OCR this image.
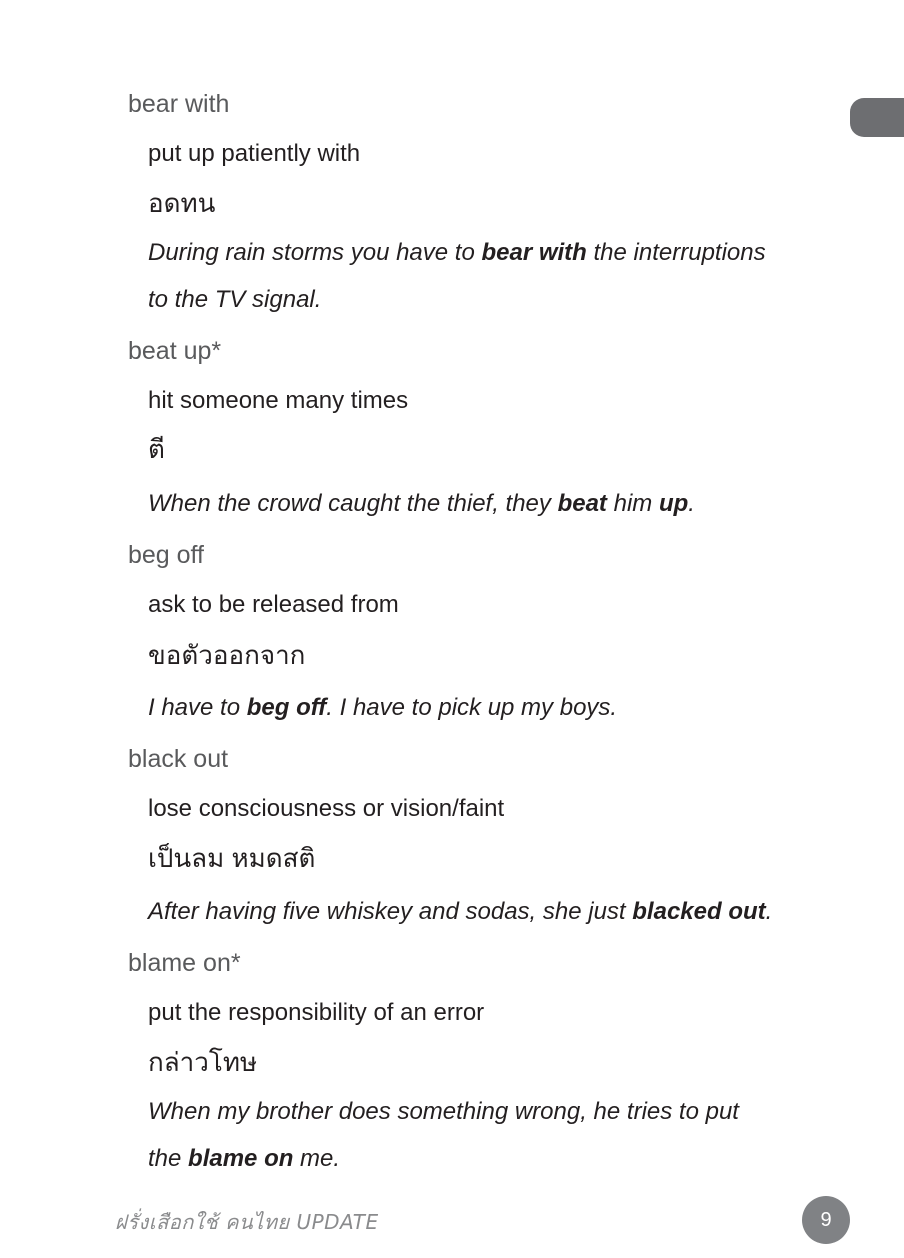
bear with
put up patiently with
อดทน
During rain storms you have to bear with the interruptions
to the TV signal.
beat up*
hit someone many times
ตี
When the crowd caught the thief, they beat him up.
beg off
ask to be released from
ขอตัวออกจาก
I have to beg off. I have to pick up my boys.
black out
lose consciousness or vision/faint
เป็นลม หมดสติ
After having five whiskey and sodas, she just blacked out.
blame on*
put the responsibility of an error
กล่าวโทษ
When my brother does something wrong, he tries to put
the blame on me.
ฝรั่งเสือกใช้ คนไทย UPDATE	9
